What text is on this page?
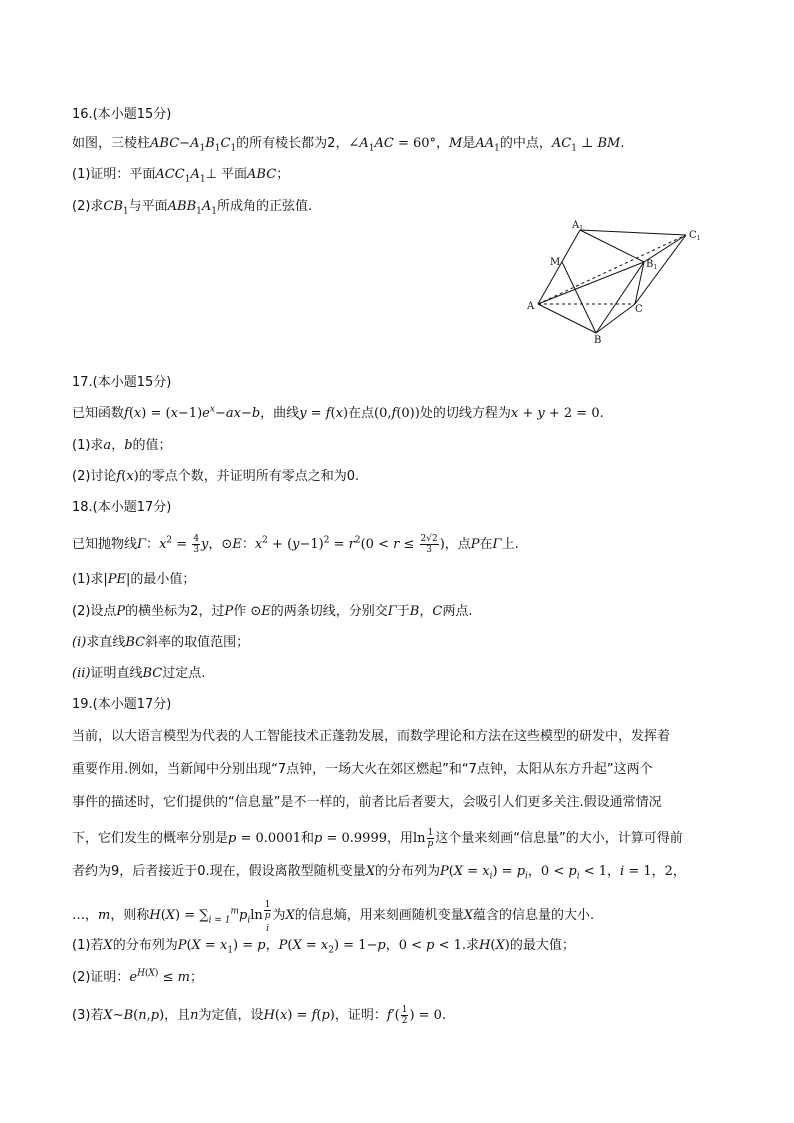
16.(本小题15分)
如图，三棱柱$ABC-A_1B_1C_1$的所有棱长都为2，$\angle A_1AC = 60^\circ$，M是$AA_1$的中点，$AC_1$ ⊥ BM.
(1)证明：平面$ACC_1A_1\perp$ 平面ABC；
(2)求$CB_1$与平面$ABB_1A_1$所成角的正弦值.
$A_1$
$C_1$
$B_1$
M
A	C
B
17.(本小题15分)
已知函数$f(x) = (x-1)e^x-ax-b$，曲线y = f(x)在点(0,f(0))处的切线方程为x + y + 2 = 0.
(1)求a，b的值；
(2)讨论f(x)的零点个数，并证明所有零点之和为0.
18.(本小题17分)
已知抛物线Γ：$x^2 = \frac{4}{3}$ y，⊙E：$x^2 + (y-1)^2 = r^2(0 < r \le \frac{2√2}{3}$ )，点P在Γ上.
(1)求|PE|的最小值；
(2)设点P的横坐标为2，过P作 ⊙E的两条切线，分别交Γ于B，C两点.
(i)求直线BC斜率的取值范围；
(ii)证明直线BC过定点.
19.(本小题17分)
当前，以大语言模型为代表的人工智能技术正蓬勃发展，而数学理论和方法在这些模型的研发中，发挥着
重要作用.例如，当新闻中分别出现“7点钟，一场大火在郊区燃起”和“7点钟，太阳从东方升起”这两个
事件的描述时，它们提供的“信息量”是不一样的，前者比后者要大，会吸引人们更多关注.假设通常情况
下，它们发生的概率分别是p = 0.0001和p = 0.9999，用$\ln \frac{1}{p}$ 这个量来刻画“信息量”的大小，计算可得前
者约为9，后者接近于0.现在，假设离散型随机变量X的分布列为$P(X = x_i) = p_i$，$0 < p_i < 1$，i = 1，2，
…，m，则称$H(X) = \sum_{i = 1}^mp_i\ln$ 1
p
$_i$ 为X的信息熵，用来刻画随机变量X蕴含的信息量的大小.
(1)若X的分布列为$P(X = x_1) = p$，$P(X = x_2) = 1-p$，0 < p < 1.求H(X)的最大值；
(2)证明：$e^{H(X)} \le m$；
(3)若X∼B(n,p)，且n为定值，设H(x) = f(p)，证明：$f'( \frac{1}{2}$ ) = 0.
